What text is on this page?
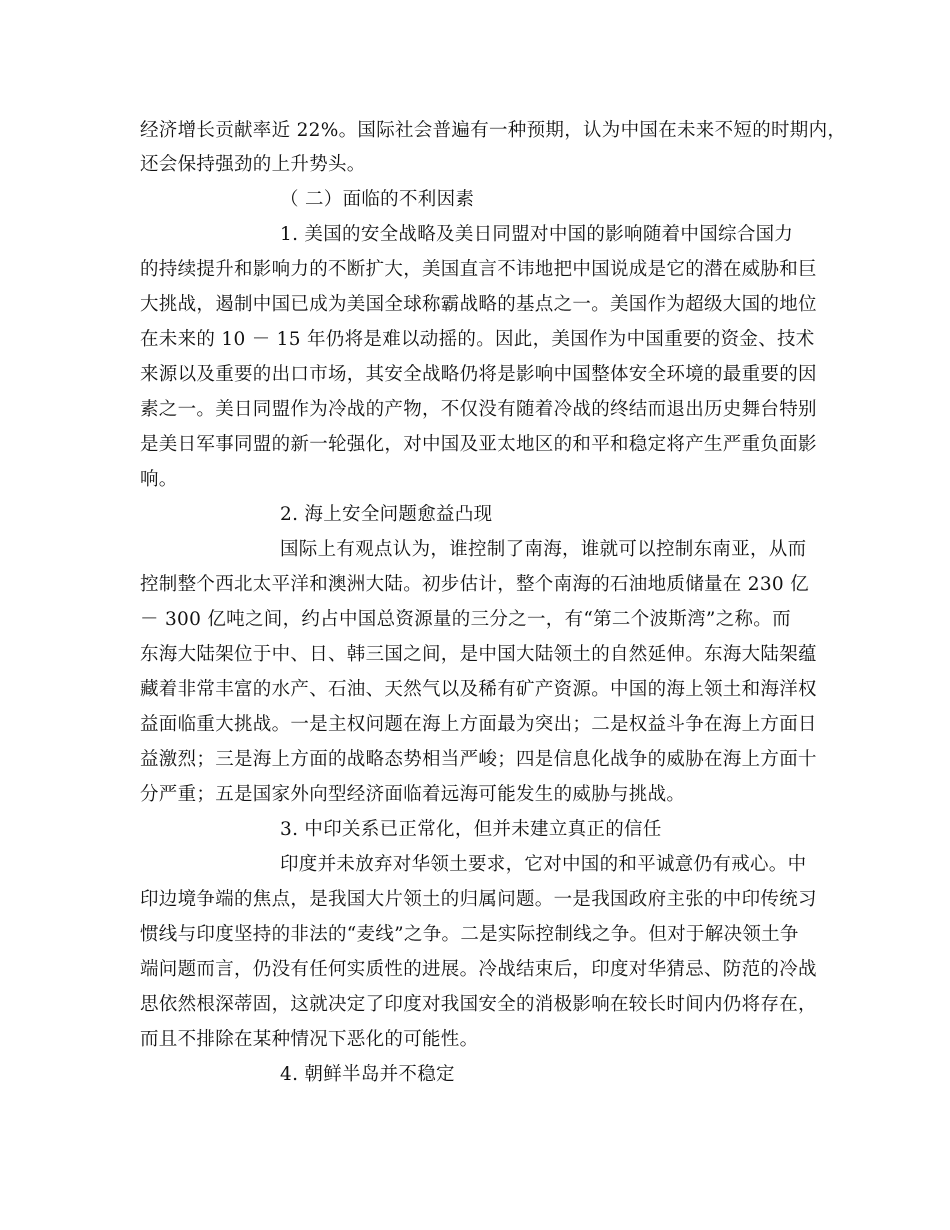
经济增长贡献率近 22%。国际社会普遍有一种预期，认为中国在未来不短的时期内，
还会保持强劲的上升势头。
（ 二）面临的不利因素
1. 美国的安全战略及美日同盟对中国的影响随着中国综合国力
的持续提升和影响力的不断扩大，美国直言不讳地把中国说成是它的潜在威胁和巨
大挑战，遏制中国已成为美国全球称霸战略的基点之一。美国作为超级大国的地位
在未来的 10 － 15 年仍将是难以动摇的。因此，美国作为中国重要的资金、技术
来源以及重要的出口市场，其安全战略仍将是影响中国整体安全环境的最重要的因
素之一。美日同盟作为冷战的产物，不仅没有随着冷战的终结而退出历史舞台特别
是美日军事同盟的新一轮强化，对中国及亚太地区的和平和稳定将产生严重负面影
响。
2. 海上安全问题愈益凸现
国际上有观点认为，谁控制了南海，谁就可以控制东南亚，从而
控制整个西北太平洋和澳洲大陆。初步估计，整个南海的石油地质储量在 230 亿
－ 300 亿吨之间，约占中国总资源量的三分之一，有“第二个波斯湾”之称。而
东海大陆架位于中、日、韩三国之间，是中国大陆领土的自然延伸。东海大陆架蕴
藏着非常丰富的水产、石油、天然气以及稀有矿产资源。中国的海上领土和海洋权
益面临重大挑战。一是主权问题在海上方面最为突出；二是权益斗争在海上方面日
益激烈；三是海上方面的战略态势相当严峻；四是信息化战争的威胁在海上方面十
分严重；五是国家外向型经济面临着远海可能发生的威胁与挑战。
3. 中印关系已正常化，但并未建立真正的信任
印度并未放弃对华领土要求，它对中国的和平诚意仍有戒心。中
印边境争端的焦点，是我国大片领土的归属问题。一是我国政府主张的中印传统习
惯线与印度坚持的非法的“麦线”之争。二是实际控制线之争。但对于解决领土争
端问题而言，仍没有任何实质性的进展。冷战结束后，印度对华猜忌、防范的冷战
思依然根深蒂固，这就决定了印度对我国安全的消极影响在较长时间内仍将存在，
而且不排除在某种情况下恶化的可能性。
4. 朝鲜半岛并不稳定
